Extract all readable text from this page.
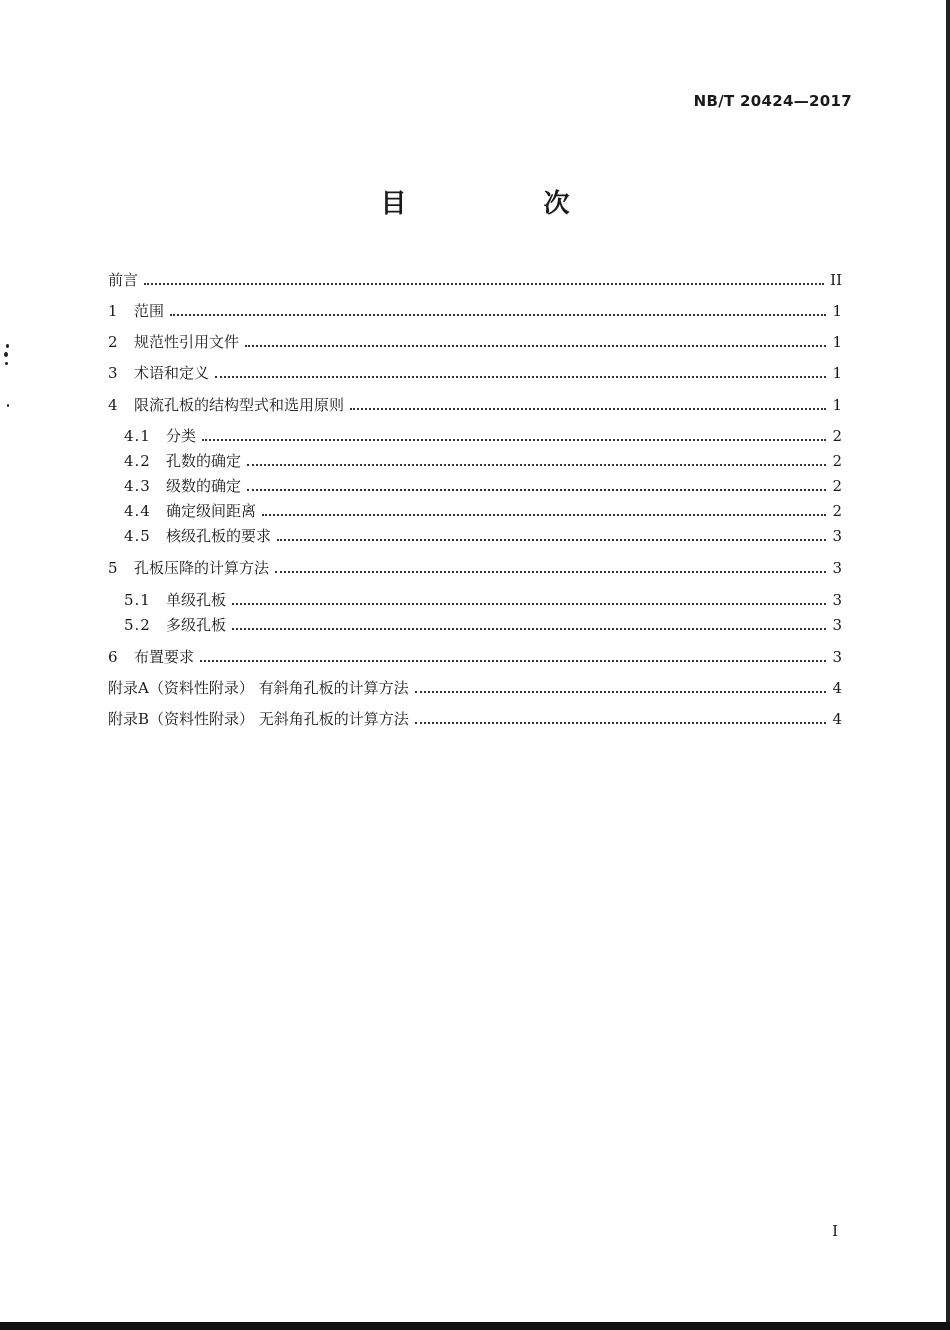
NB/T 20424—2017
目 次
前言	II
1	范围	1
2	规范性引用文件	1
3	术语和定义	1
4	限流孔板的结构型式和选用原则	1
4.1	分类	2
4.2	孔数的确定	2
4.3	级数的确定	2
4.4	确定级间距离	2
4.5	核级孔板的要求	3
5	孔板压降的计算方法	3
5.1	单级孔板	3
5.2	多级孔板	3
6	布置要求	3
附录A（资料性附录） 有斜角孔板的计算方法	4
附录B（资料性附录） 无斜角孔板的计算方法	4
I
